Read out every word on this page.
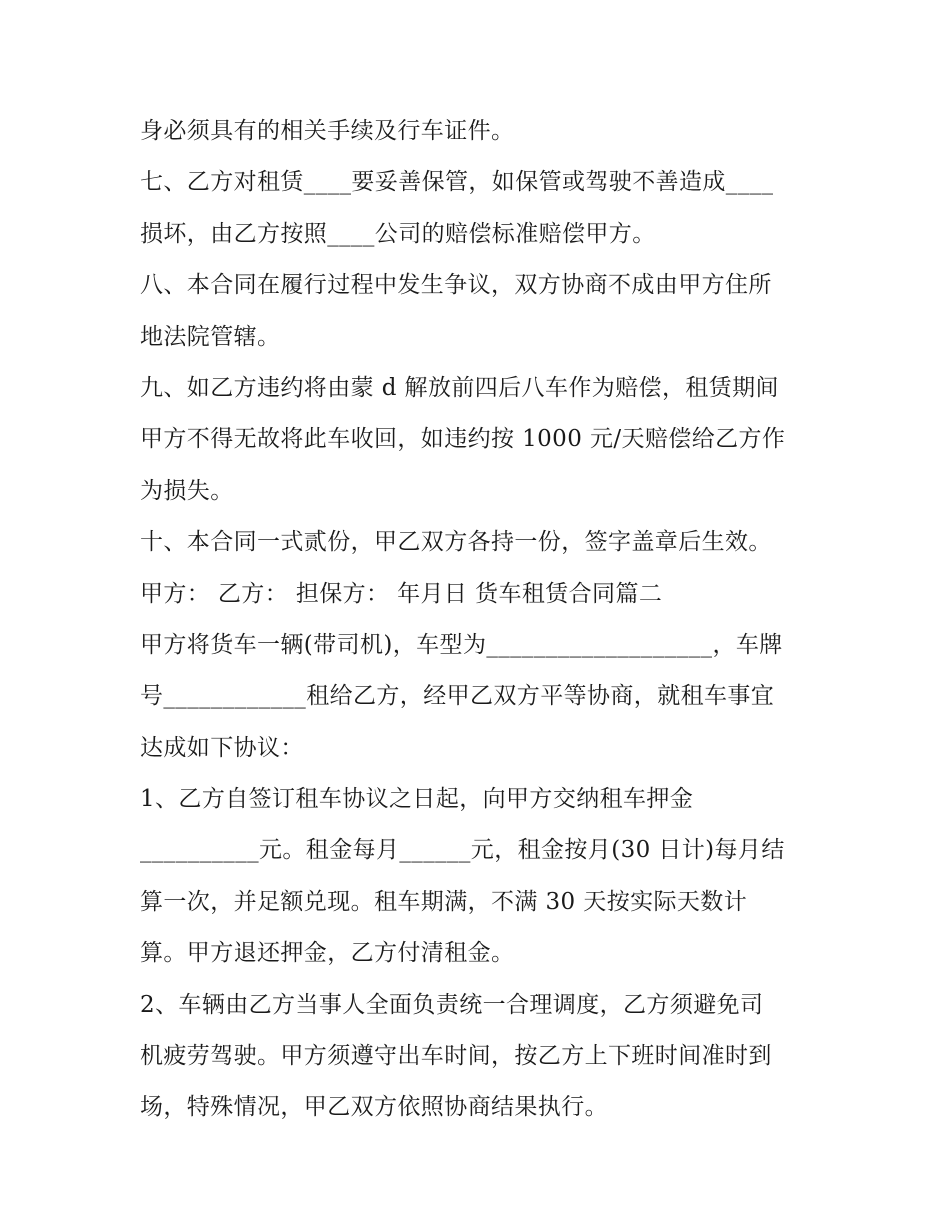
身必须具有的相关手续及行车证件。
七、乙方对租赁____要妥善保管，如保管或驾驶不善造成____
损坏，由乙方按照____公司的赔偿标准赔偿甲方。
八、本合同在履行过程中发生争议，双方协商不成由甲方住所
地法院管辖。
九、如乙方违约将由蒙 d 解放前四后八车作为赔偿，租赁期间
甲方不得无故将此车收回，如违约按 1000 元/天赔偿给乙方作
为损失。
十、本合同一式贰份，甲乙双方各持一份，签字盖章后生效。
甲方： 乙方： 担保方： 年月日 货车租赁合同篇二
甲方将货车一辆(带司机)，车型为___________________，车牌
号____________租给乙方，经甲乙双方平等协商，就租车事宜
达成如下协议：
1、乙方自签订租车协议之日起，向甲方交纳租车押金
__________元。租金每月______元，租金按月(30 日计)每月结
算一次，并足额兑现。租车期满，不满 30 天按实际天数计
算。甲方退还押金，乙方付清租金。
2、车辆由乙方当事人全面负责统一合理调度，乙方须避免司
机疲劳驾驶。甲方须遵守出车时间，按乙方上下班时间准时到
场，特殊情况，甲乙双方依照协商结果执行。
